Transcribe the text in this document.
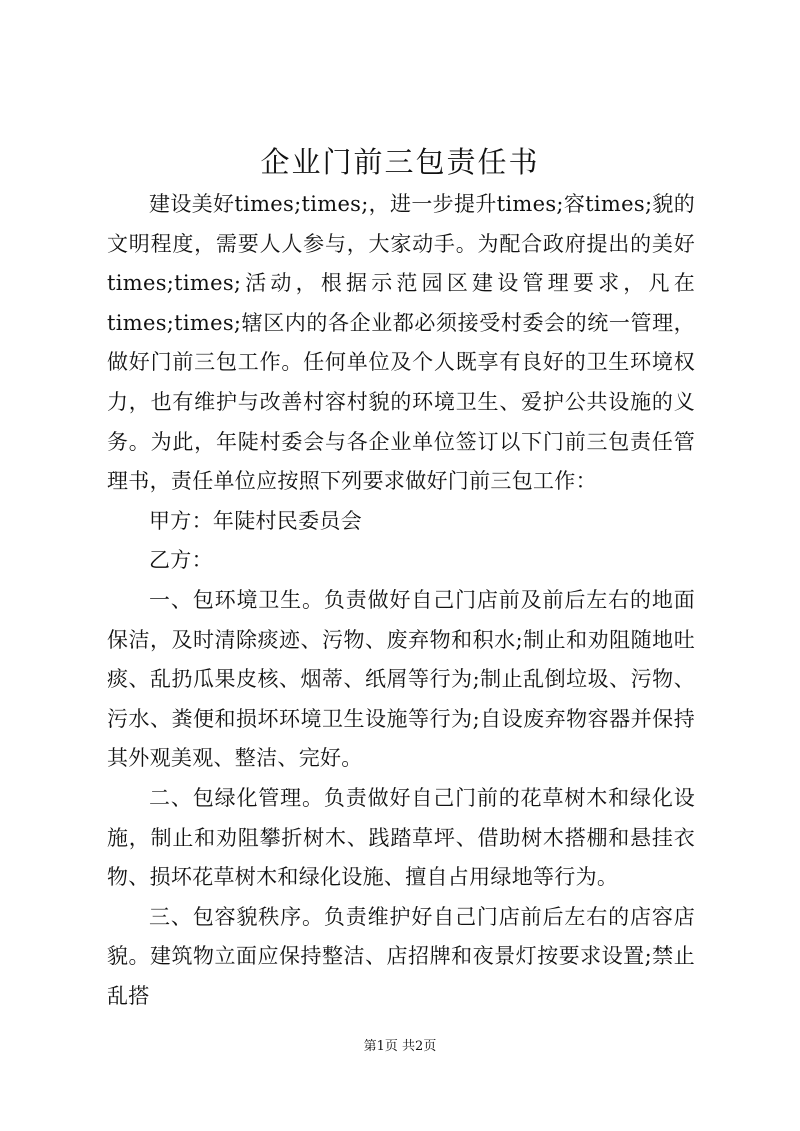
企业门前三包责任书

建设美好times;times;，进一步提升times;容times;貌的文明程度，需要人人参与，大家动手。为配合政府提出的美好times;times;活动，根据示范园区建设管理要求，凡在times;times;辖区内的各企业都必须接受村委会的统一管理，做好门前三包工作。任何单位及个人既享有良好的卫生环境权力，也有维护与改善村容村貌的环境卫生、爱护公共设施的义务。为此，年陡村委会与各企业单位签订以下门前三包责任管理书，责任单位应按照下列要求做好门前三包工作：

甲方：年陡村民委员会

乙方：

一、包环境卫生。负责做好自己门店前及前后左右的地面保洁，及时清除痰迹、污物、废弃物和积水;制止和劝阻随地吐痰、乱扔瓜果皮核、烟蒂、纸屑等行为;制止乱倒垃圾、污物、污水、粪便和损坏环境卫生设施等行为;自设废弃物容器并保持其外观美观、整洁、完好。

二、包绿化管理。负责做好自己门前的花草树木和绿化设施，制止和劝阻攀折树木、践踏草坪、借助树木搭棚和悬挂衣物、损坏花草树木和绿化设施、擅自占用绿地等行为。

三、包容貌秩序。负责维护好自己门店前后左右的店容店貌。建筑物立面应保持整洁、店招牌和夜景灯按要求设置;禁止乱搭

第1页 共2页
